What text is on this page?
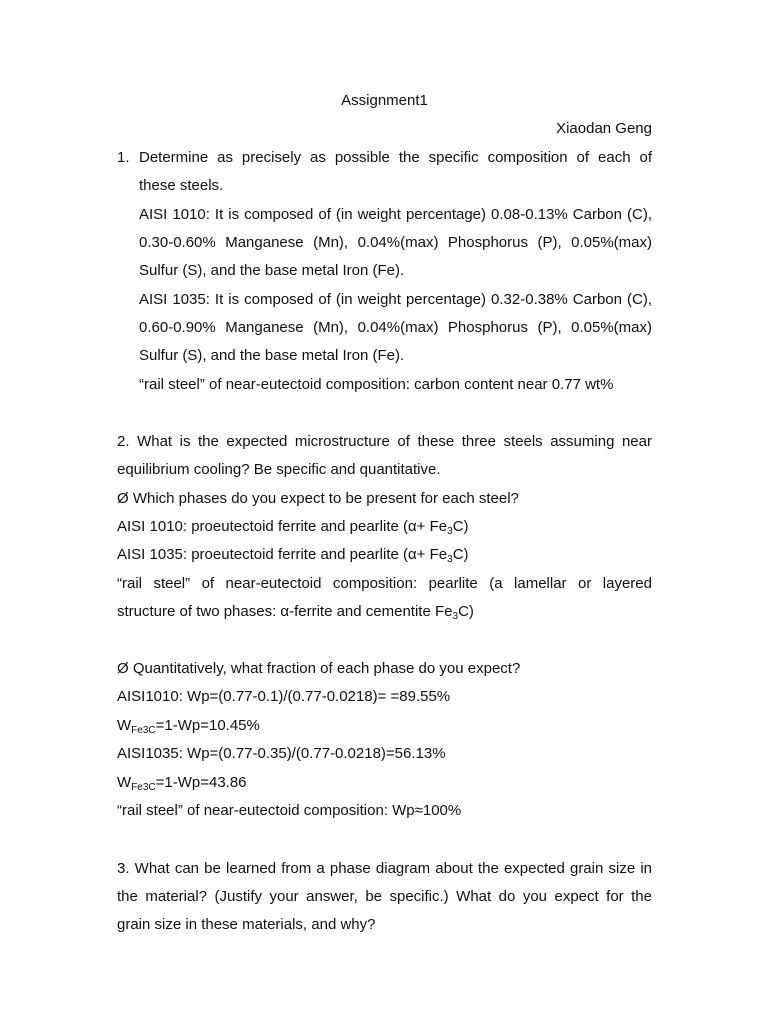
Assignment1
Xiaodan Geng
1. Determine as precisely as possible the specific composition of each of
these steels.
AISI 1010: It is composed of (in weight percentage) 0.08-0.13% Carbon (C),
0.30-0.60% Manganese (Mn), 0.04%(max) Phosphorus (P), 0.05%(max)
Sulfur (S), and the base metal Iron (Fe).
AISI 1035: It is composed of (in weight percentage) 0.32-0.38% Carbon (C),
0.60-0.90% Manganese (Mn), 0.04%(max) Phosphorus (P), 0.05%(max)
Sulfur (S), and the base metal Iron (Fe).
“rail steel” of near-eutectoid composition: carbon content near 0.77 wt%
2. What is the expected microstructure of these three steels assuming near
equilibrium cooling? Be specific and quantitative.
Ø Which phases do you expect to be present for each steel?
AISI 1010: proeutectoid ferrite and pearlite $(\alpha+ Fe_3C)$
AISI 1035: proeutectoid ferrite and pearlite $(\alpha+ Fe_3C)$
“rail steel” of near-eutectoid composition: pearlite (a lamellar or layered
structure of two phases: α-ferrite and cementite $Fe_3C$)
Ø Quantitatively, what fraction of each phase do you expect?
AISI1010: Wp=(0.77-0.1)/(0.77-0.0218)= =89.55%
$W_{Fe3C}=1-Wp=10.45\%$
AISI1035: Wp=(0.77-0.35)/(0.77-0.0218)=56.13%
$W_{Fe3C}=1-Wp=43.86$
“rail steel” of near-eutectoid composition: Wp≈100%
3. What can be learned from a phase diagram about the expected grain size in
the material? (Justify your answer, be specific.) What do you expect for the
grain size in these materials, and why?
